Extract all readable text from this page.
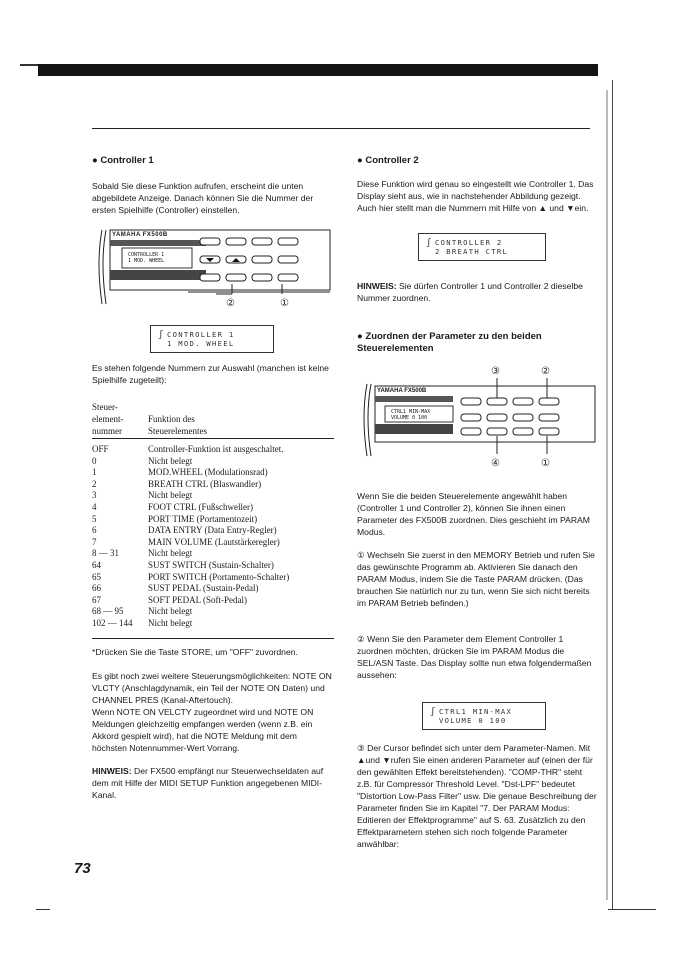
● Controller 1
Sobald Sie diese Funktion aufrufen, erscheint die unten abgebildete Anzeige. Danach können Sie die Nummer der ersten Spielhilfe (Controller) einstellen.
YAMAHA FX500B
CONTROLLER 1
1 MOD. WHEEL
②	①
ʃ CONTROLLER 1
1 MOD. WHEEL
Es stehen folgende Nummern zur Auswahl (manchen ist keine Spielhilfe zugeteilt):
Steuer-
element-
nummer
Funktion des
Steuerelementes
OFF	Controller-Funktion ist ausgeschaltet.
0	Nicht belegt
1	MOD.WHEEL (Modulationsrad)
2	BREATH CTRL (Blaswandler)
3	Nicht belegt
4	FOOT CTRL (Fußschweller)
5	PORT TIME (Portamentozeit)
6	DATA ENTRY (Data Entry-Regler)
7	MAIN VOLUME (Lautstärkeregler)
8 — 31	Nicht belegt
64	SUST SWITCH (Sustain-Schalter)
65	PORT SWITCH (Portamento-Schalter)
66	SUST PEDAL (Sustain-Pedal)
67	SOFT PEDAL (Soft-Pedal)
68 — 95	Nicht belegt
102 — 144	Nicht belegt
*Drücken Sie die Taste STORE, um "OFF" zuvordnen.
Es gibt noch zwei weitere Steuerungsmöglichkeiten: NOTE ON VLCTY (Anschlagdynamik, ein Teil der NOTE ON Daten) und CHANNEL PRES (Kanal-Aftertouch).
Wenn NOTE ON VELCTY zugeordnet wird und NOTE ON Meldungen gleichzeitig empfangen werden (wenn z.B. ein Akkord gespielt wird), hat die NOTE Meldung mit dem höchsten Notennummer-Wert Vorrang.
HINWEIS: Der FX500 empfängt nur Steuerwechseldaten auf dem mit Hilfe der MIDI SETUP Funktion angegebenen MIDI-Kanal.
73
● Controller 2
Diese Funktion wird genau so eingestellt wie Controller 1. Das Display sieht aus, wie in nachstehender Abbildung gezeigt. Auch hier stellt man die Nummern mit Hilfe von ▲ und ▼ein.
ʃ CONTROLLER 2
2 BREATH CTRL
HINWEIS: Sie dürfen Controller 1 und Controller 2 dieselbe Nummer zuordnen.
● Zuordnen der Parameter zu den beiden Steuerelementen
YAMAHA FX500B
CTRL1 MIN-MAX
VOLUME 0 100
③	②
④	①
Wenn Sie die beiden Steuerelemente angewählt haben (Controller 1 und Controller 2), können Sie ihnen einen Parameter des FX500B zuordnen. Dies geschieht im PARAM Modus.
① Wechseln Sie zuerst in den MEMORY Betrieb und rufen Sie das gewünschte Programm ab. Aktivieren Sie danach den PARAM Modus, indem Sie die Taste PARAM drücken. (Das brauchen Sie natürlich nur zu tun, wenn Sie sich nicht bereits im PARAM Betrieb befinden.)
② Wenn Sie den Parameter dem Element Controller 1 zuordnen möchten, drücken Sie im PARAM Modus die SEL/ASN Taste. Das Display sollte nun etwa folgendermaßen aussehen:
ʃ CTRL1 MIN-MAX
VOLUME 0 100
③ Der Cursor befindet sich unter dem Parameter-Namen. Mit ▲und ▼rufen Sie einen anderen Parameter auf (einen der für den gewählten Effekt bereitstehenden). "COMP-THR" steht z.B. für Compressor Threshold Level. "Dst-LPF" bedeutet "Distortion Low-Pass Filter" usw. Die genaue Beschreibung der Parameter finden Sie im Kapitel "7. Der PARAM Modus: Editieren der Effektprogramme" auf S. 63. Zusätzlich zu den Effektparametern stehen sich noch folgende Parameter anwählbar:
